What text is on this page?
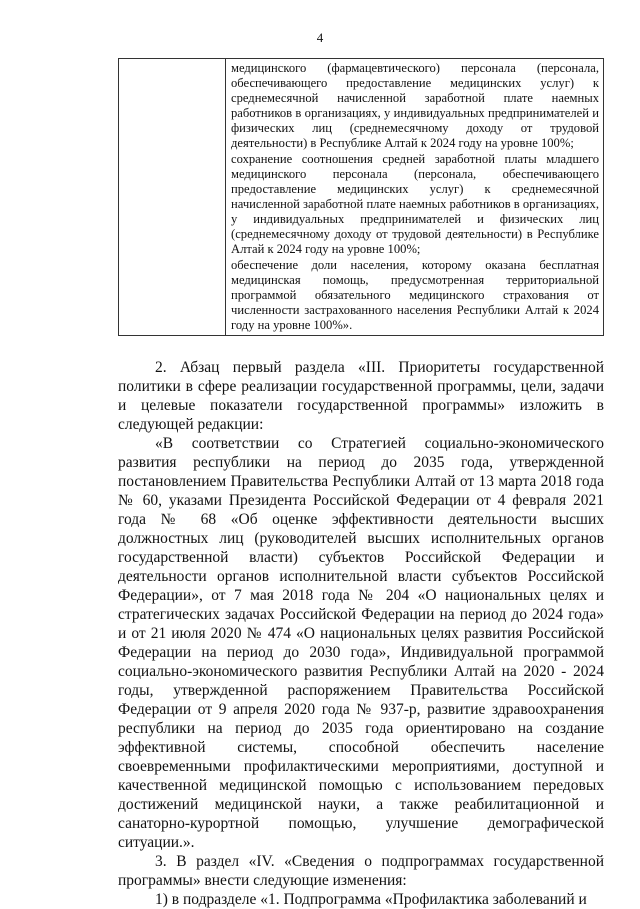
4

медицинского (фармацевтического) персонала (персонала, обеспечивающего предоставление медицинских услуг) к среднемесячной начисленной заработной плате наемных работников в организациях, у индивидуальных предпринимателей и физических лиц (среднемесячному доходу от трудовой деятельности) в Республике Алтай к 2024 году на уровне 100%;

сохранение соотношения средней заработной платы младшего медицинского персонала (персонала, обеспечивающего предоставление медицинских услуг) к среднемесячной начисленной заработной плате наемных работников в организациях, у индивидуальных предпринимателей и физических лиц (среднемесячному доходу от трудовой деятельности) в Республике Алтай к 2024 году на уровне 100%;

обеспечение доли населения, которому оказана бесплатная медицинская помощь, предусмотренная территориальной программой обязательного медицинского страхования от численности застрахованного населения Республики Алтай к 2024 году на уровне 100%».

2. Абзац первый раздела «III. Приоритеты государственной политики в сфере реализации государственной программы, цели, задачи и целевые показатели государственной программы» изложить в следующей редакции:

«В соответствии со Стратегией социально-экономического развития республики на период до 2035 года, утвержденной постановлением Правительства Республики Алтай от 13 марта 2018 года № 60, указами Президента Российской Федерации от 4 февраля 2021 года № 68 «Об оценке эффективности деятельности высших должностных лиц (руководителей высших исполнительных органов государственной власти) субъектов Российской Федерации и деятельности органов исполнительной власти субъектов Российской Федерации», от 7 мая 2018 года № 204 «О национальных целях и стратегических задачах Российской Федерации на период до 2024 года» и от 21 июля 2020 № 474 «О национальных целях развития Российской Федерации на период до 2030 года», Индивидуальной программой социально-экономического развития Республики Алтай на 2020 - 2024 годы, утвержденной распоряжением Правительства Российской Федерации от 9 апреля 2020 года № 937-р, развитие здравоохранения республики на период до 2035 года ориентировано на создание эффективной системы, способной обеспечить население своевременными профилактическими мероприятиями, доступной и качественной медицинской помощью с использованием передовых достижений медицинской науки, а также реабилитационной и санаторно-курортной помощью, улучшение демографической ситуации.».

3. В раздел «IV. «Сведения о подпрограммах государственной программы» внести следующие изменения:

1) в подразделе «1. Подпрограмма «Профилактика заболеваний и
